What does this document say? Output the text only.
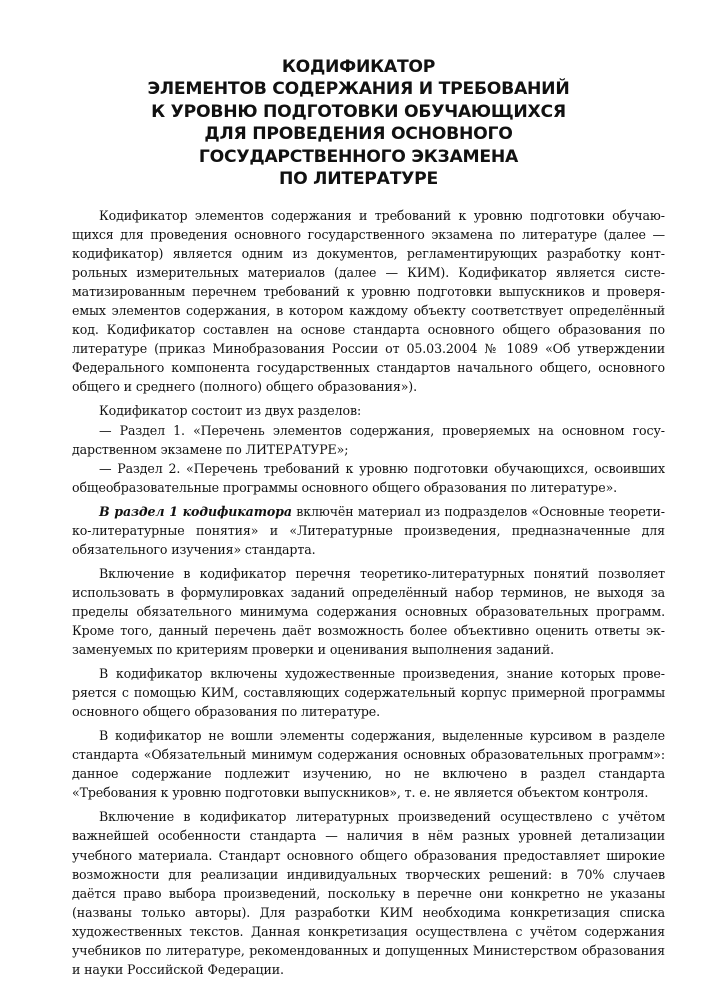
КОДИФИКАТОР
ЭЛЕМЕНТОВ СОДЕРЖАНИЯ И ТРЕБОВАНИЙ
К УРОВНЮ ПОДГОТОВКИ ОБУЧАЮЩИХСЯ
ДЛЯ ПРОВЕДЕНИЯ ОСНОВНОГО
ГОСУДАРСТВЕННОГО ЭКЗАМЕНА
ПО ЛИТЕРАТУРЕ

Кодификатор элементов содержания и требований к уровню подготовки обучающихся для проведения основного государственного экзамена по литературе (далее — кодификатор) является одним из документов, регламентирующих разработку контрольных измерительных материалов (далее — КИМ). Кодификатор является систематизированным перечнем требований к уровню подготовки выпускников и проверяемых элементов содержания, в котором каждому объекту соответствует определённый код. Кодификатор составлен на основе стандарта основного общего образования по литературе (приказ Минобразования России от 05.03.2004 № 1089 «Об утверждении Федерального компонента государственных стандартов начального общего, основного общего и среднего (полного) общего образования»).

Кодификатор состоит из двух разделов:

— Раздел 1. «Перечень элементов содержания, проверяемых на основном государственном экзамене по ЛИТЕРАТУРЕ»;

— Раздел 2. «Перечень требований к уровню подготовки обучающихся, освоивших общеобразовательные программы основного общего образования по литературе».

В раздел 1 кодификатора включён материал из подразделов «Основные теоретико-литературные понятия» и «Литературные произведения, предназначенные для обязательного изучения» стандарта.

Включение в кодификатор перечня теоретико-литературных понятий позволяет использовать в формулировках заданий определённый набор терминов, не выходя за пределы обязательного минимума содержания основных образовательных программ. Кроме того, данный перечень даёт возможность более объективно оценить ответы экзаменуемых по критериям проверки и оценивания выполнения заданий.

В кодификатор включены художественные произведения, знание которых проверяется с помощью КИМ, составляющих содержательный корпус примерной программы основного общего образования по литературе.

В кодификатор не вошли элементы содержания, выделенные курсивом в разделе стандарта «Обязательный минимум содержания основных образовательных программ»: данное содержание подлежит изучению, но не включено в раздел стандарта «Требования к уровню подготовки выпускников», т. е. не является объектом контроля.

Включение в кодификатор литературных произведений осуществлено с учётом важнейшей особенности стандарта — наличия в нём разных уровней детализации учебного материала. Стандарт основного общего образования предоставляет широкие возможности для реализации индивидуальных творческих решений: в 70% случаев даётся право выбора произведений, поскольку в перечне они конкретно не указаны (названы только авторы). Для разработки КИМ необходима конкретизация списка художественных текстов. Данная конкретизация осуществлена с учётом содержания учебников по литературе, рекомендованных и допущенных Министерством образования и науки Российской Федерации.
